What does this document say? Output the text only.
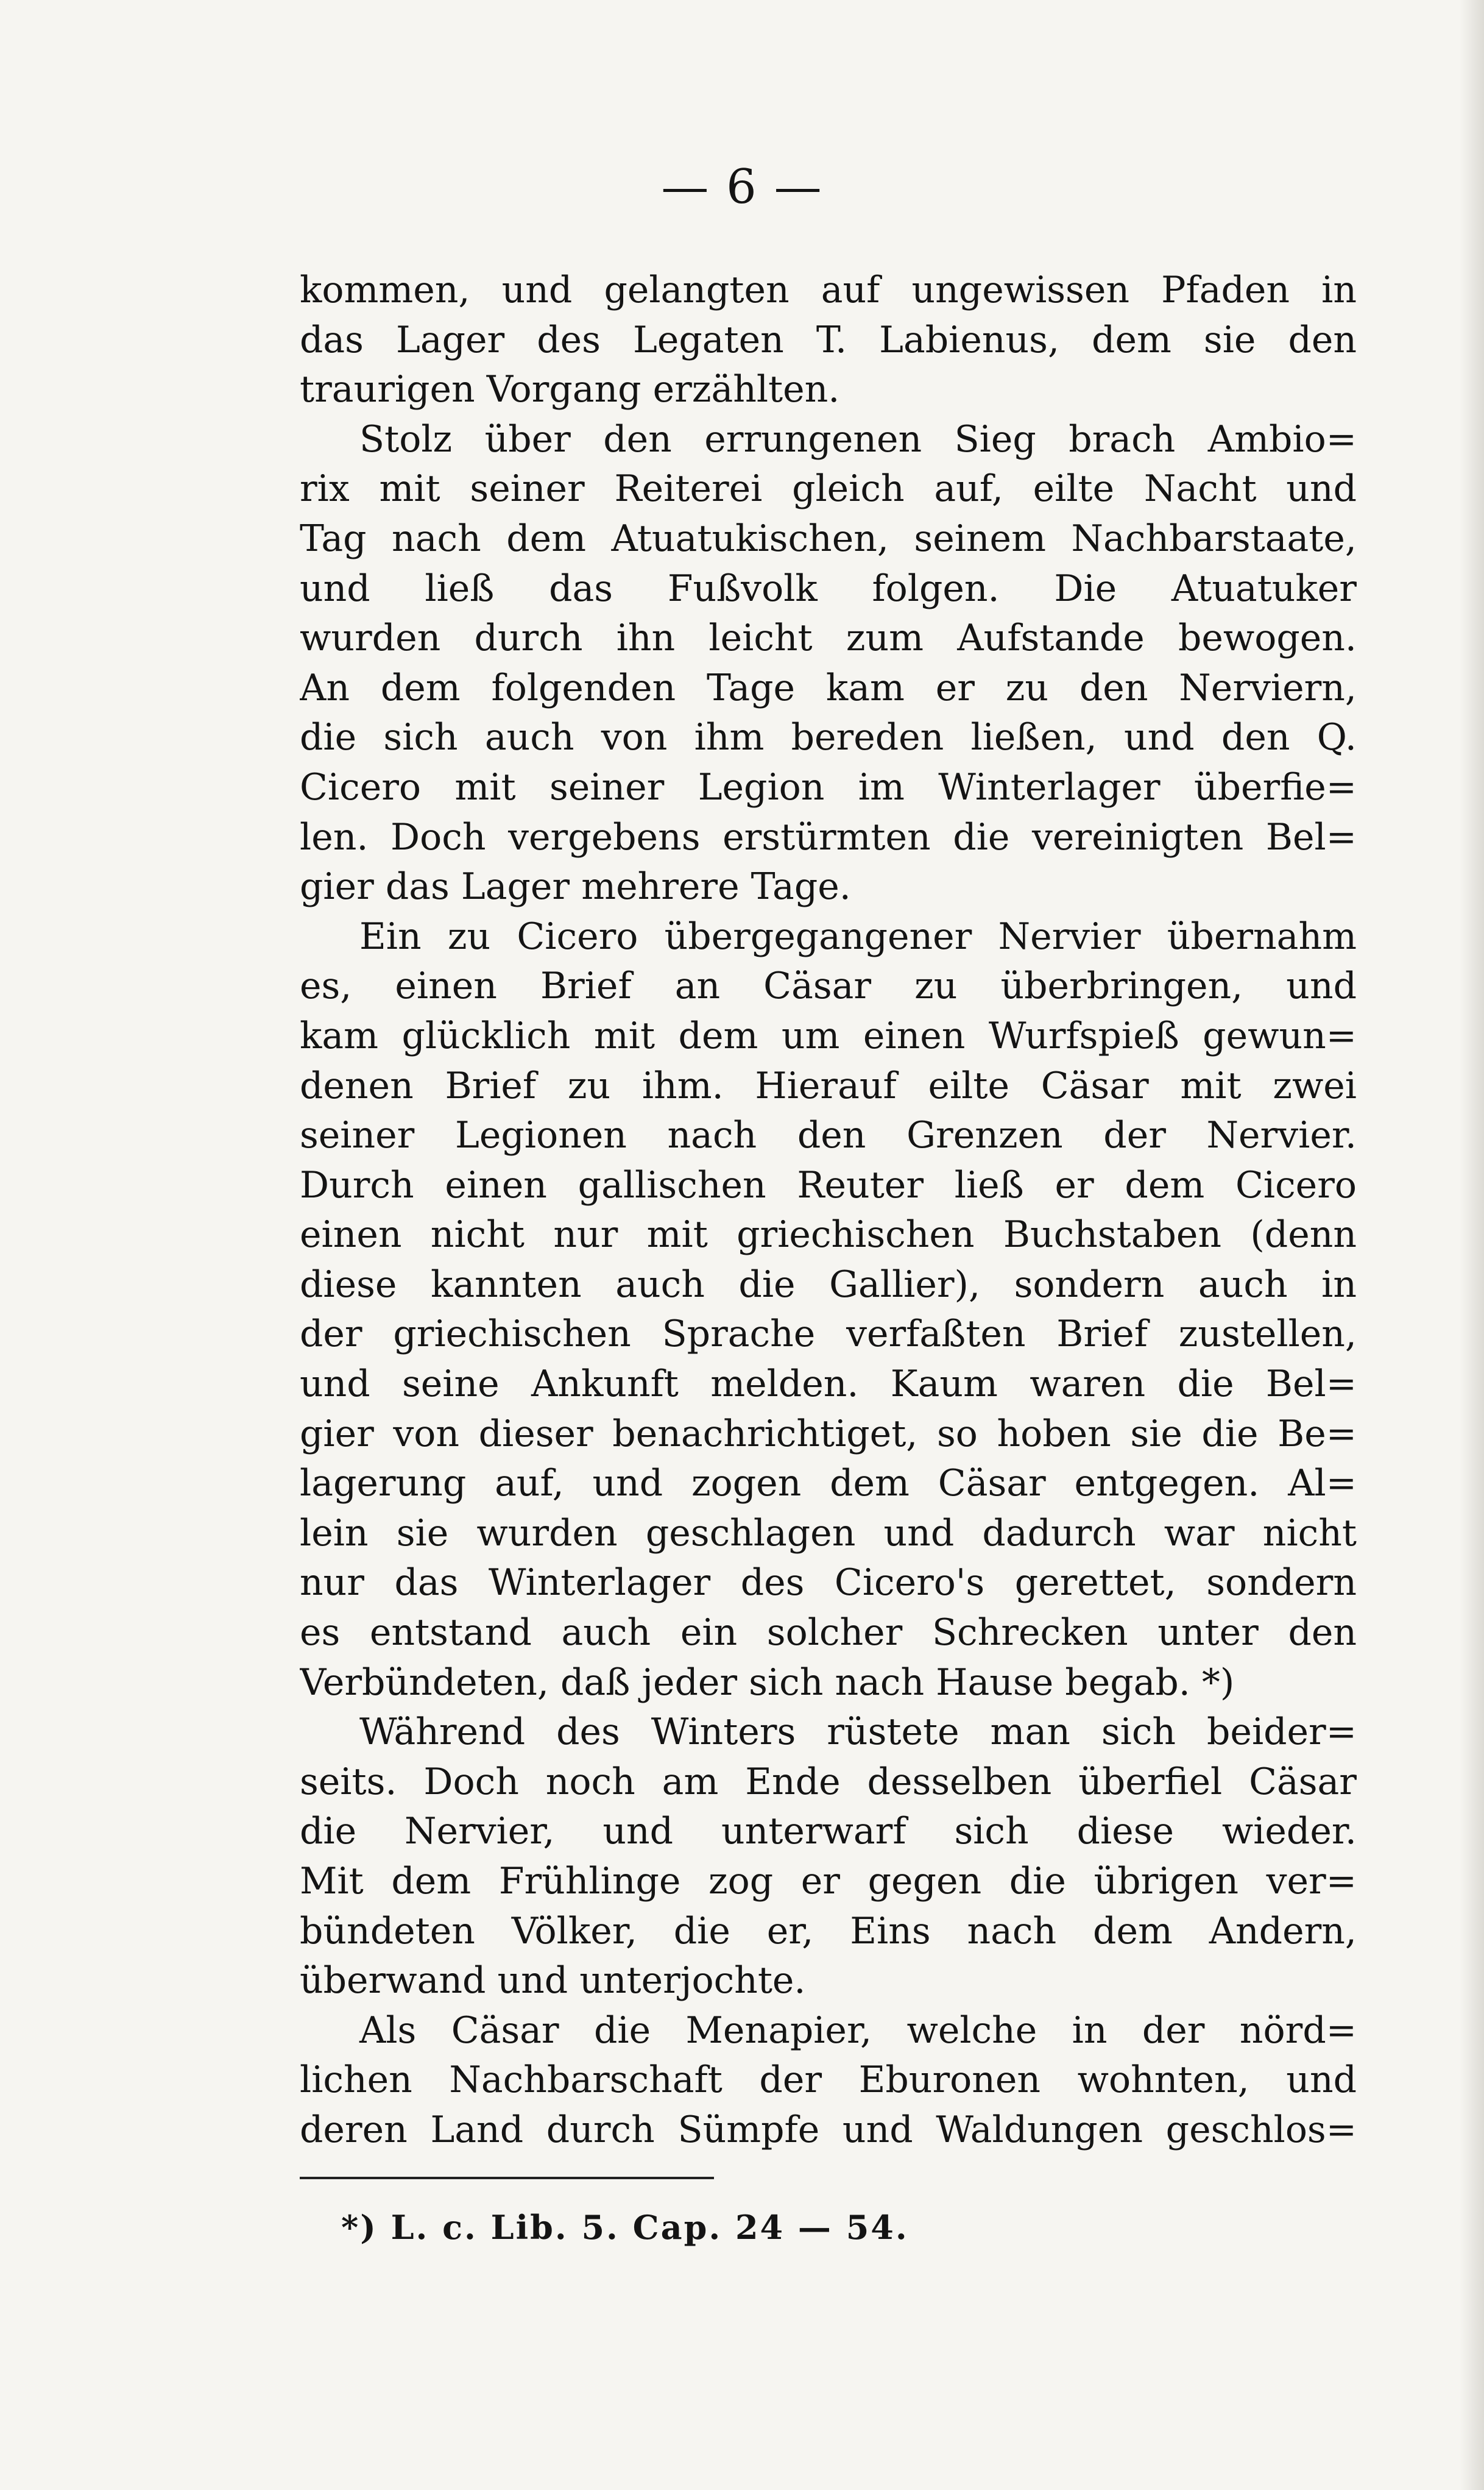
— 6 —
kommen, und gelangten auf ungewissen Pfaden in
das Lager des Legaten T. Labienus, dem sie den
traurigen Vorgang erzählten.
Stolz über den errungenen Sieg brach Ambio=
rix mit seiner Reiterei gleich auf, eilte Nacht und
Tag nach dem Atuatukischen, seinem Nachbarstaate,
und ließ das Fußvolk folgen. Die Atuatuker
wurden durch ihn leicht zum Aufstande bewogen.
An dem folgenden Tage kam er zu den Nerviern,
die sich auch von ihm bereden ließen, und den Q.
Cicero mit seiner Legion im Winterlager überfie=
len. Doch vergebens erstürmten die vereinigten Bel=
gier das Lager mehrere Tage.
Ein zu Cicero übergegangener Nervier übernahm
es, einen Brief an Cäsar zu überbringen, und
kam glücklich mit dem um einen Wurfspieß gewun=
denen Brief zu ihm. Hierauf eilte Cäsar mit zwei
seiner Legionen nach den Grenzen der Nervier.
Durch einen gallischen Reuter ließ er dem Cicero
einen nicht nur mit griechischen Buchstaben (denn
diese kannten auch die Gallier), sondern auch in
der griechischen Sprache verfaßten Brief zustellen,
und seine Ankunft melden. Kaum waren die Bel=
gier von dieser benachrichtiget, so hoben sie die Be=
lagerung auf, und zogen dem Cäsar entgegen. Al=
lein sie wurden geschlagen und dadurch war nicht
nur das Winterlager des Cicero's gerettet, sondern
es entstand auch ein solcher Schrecken unter den
Verbündeten, daß jeder sich nach Hause begab. *)
Während des Winters rüstete man sich beider=
seits. Doch noch am Ende desselben überfiel Cäsar
die Nervier, und unterwarf sich diese wieder.
Mit dem Frühlinge zog er gegen die übrigen ver=
bündeten Völker, die er, Eins nach dem Andern,
überwand und unterjochte.
Als Cäsar die Menapier, welche in der nörd=
lichen Nachbarschaft der Eburonen wohnten, und
deren Land durch Sümpfe und Waldungen geschlos=
*) L. c. Lib. 5. Cap. 24 — 54.
